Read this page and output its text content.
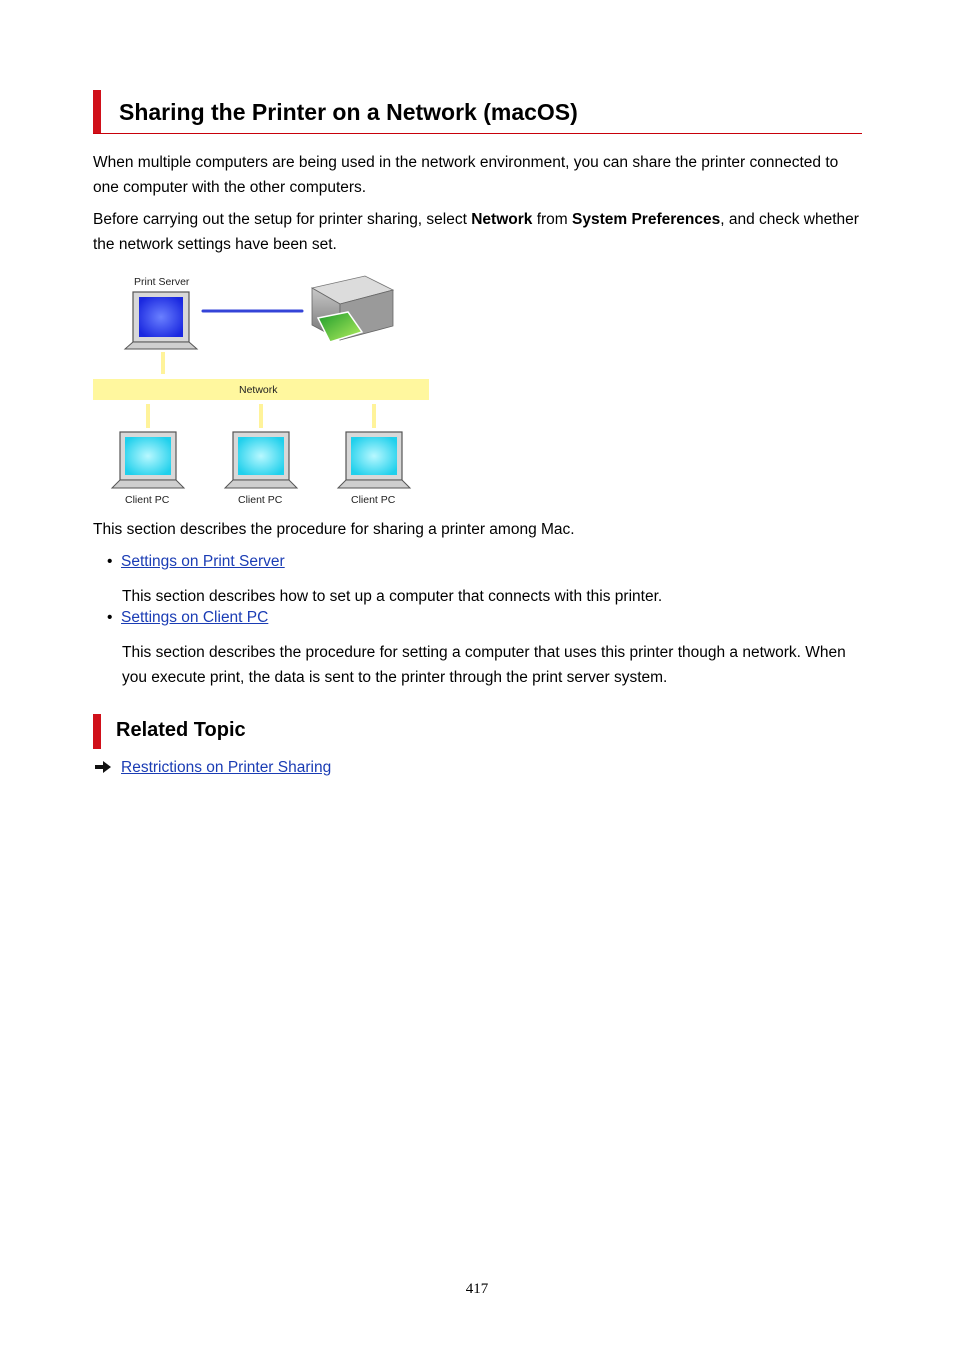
Sharing the Printer on a Network (macOS)

When multiple computers are being used in the network environment, you can share the printer connected to one computer with the other computers.

Before carrying out the setup for printer sharing, select Network from System Preferences, and check whether the network settings have been set.

Print Server
Network
Client PC	Client PC	Client PC

This section describes the procedure for sharing a printer among Mac.

• Settings on Print Server

This section describes how to set up a computer that connects with this printer.

• Settings on Client PC

This section describes the procedure for setting a computer that uses this printer though a network. When you execute print, the data is sent to the printer through the print server system.

Related Topic
Restrictions on Printer Sharing
417
